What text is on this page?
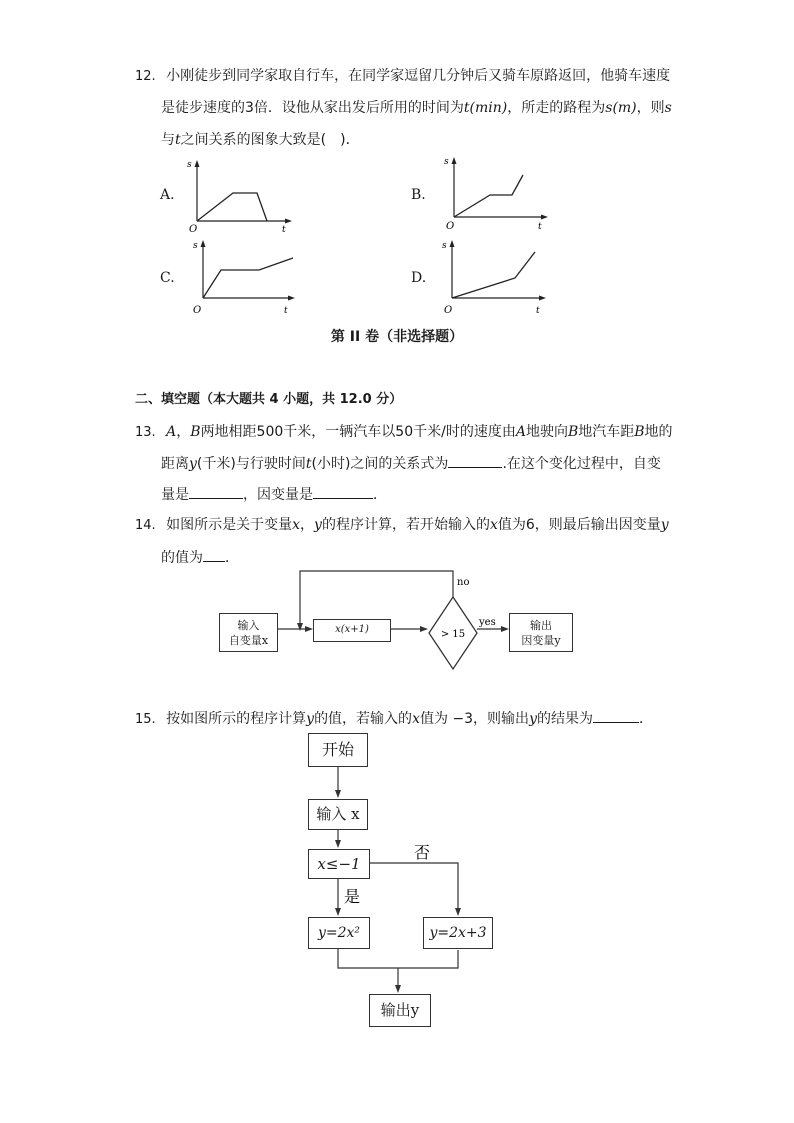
12. 小刚徒步到同学家取自行车，在同学家逗留几分钟后又骑车原路返回，他骑车速度
是徒步速度的3倍．设他从家出发后所用的时间为t(min)，所走的路程为s(m)，则s
与t之间关系的图象大致是(　)．
A.
s
t
O
B.
s
t
O
C.
s
t
O
D.
s
t
O
第 II 卷（非选择题）
二、填空题（本大题共 4 小题，共 12.0 分）
13. A，B两地相距500千米，一辆汽车以50千米/时的速度由A地驶向B地汽车距B地的
距离y(千米)与行驶时间t(小时)之间的关系式为	.在这个变化过程中，自变
量是	，因变量是	．
14. 如图所示是关于变量x，y的程序计算，若开始输入的x值为6，则最后输出因变量y
的值为 ．
> 15
no
yes
输入
自变量x
x(x+1)	输出
因变量y
15. 按如图所示的程序计算y的值，若输入的x值为 −3，则输出y的结果为	．
否
是
开始
输入 x
x≤−1
y=2x²	y=2x+3
输出y
